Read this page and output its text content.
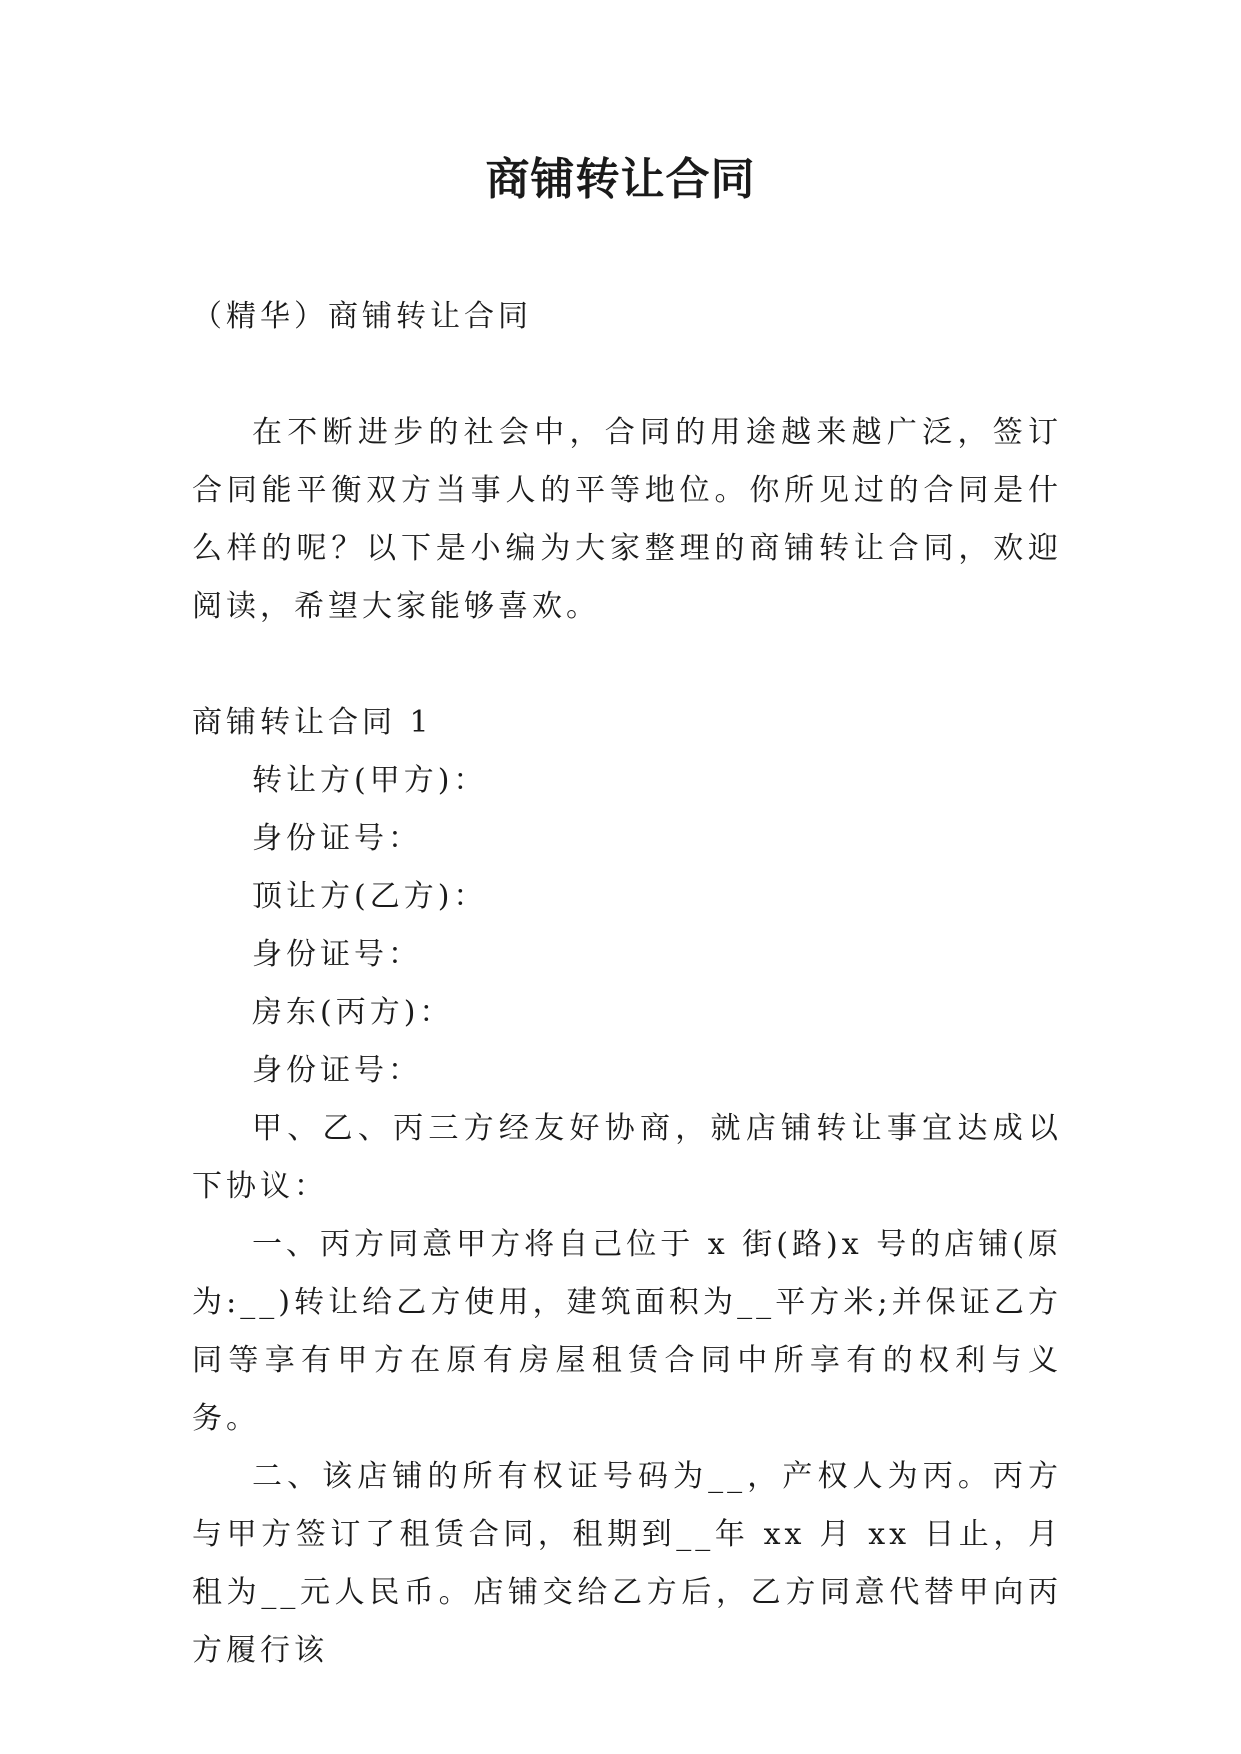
商铺转让合同

（精华）商铺转让合同

在不断进步的社会中，合同的用途越来越广泛，签订合同能平衡双方当事人的平等地位。你所见过的合同是什么样的呢？以下是小编为大家整理的商铺转让合同，欢迎阅读，希望大家能够喜欢。

商铺转让合同 1

转让方(甲方)：

身份证号：

顶让方(乙方)：

身份证号：

房东(丙方)：

身份证号：

甲、乙、丙三方经友好协商，就店铺转让事宜达成以下协议：

一、丙方同意甲方将自己位于 x 街(路)x 号的店铺(原为:__)转让给乙方使用，建筑面积为__平方米;并保证乙方同等享有甲方在原有房屋租赁合同中所享有的权利与义务。

二、该店铺的所有权证号码为__，产权人为丙。丙方与甲方签订了租赁合同，租期到__年 xx 月 xx 日止，月租为__元人民币。店铺交给乙方后，乙方同意代替甲向丙方履行该
